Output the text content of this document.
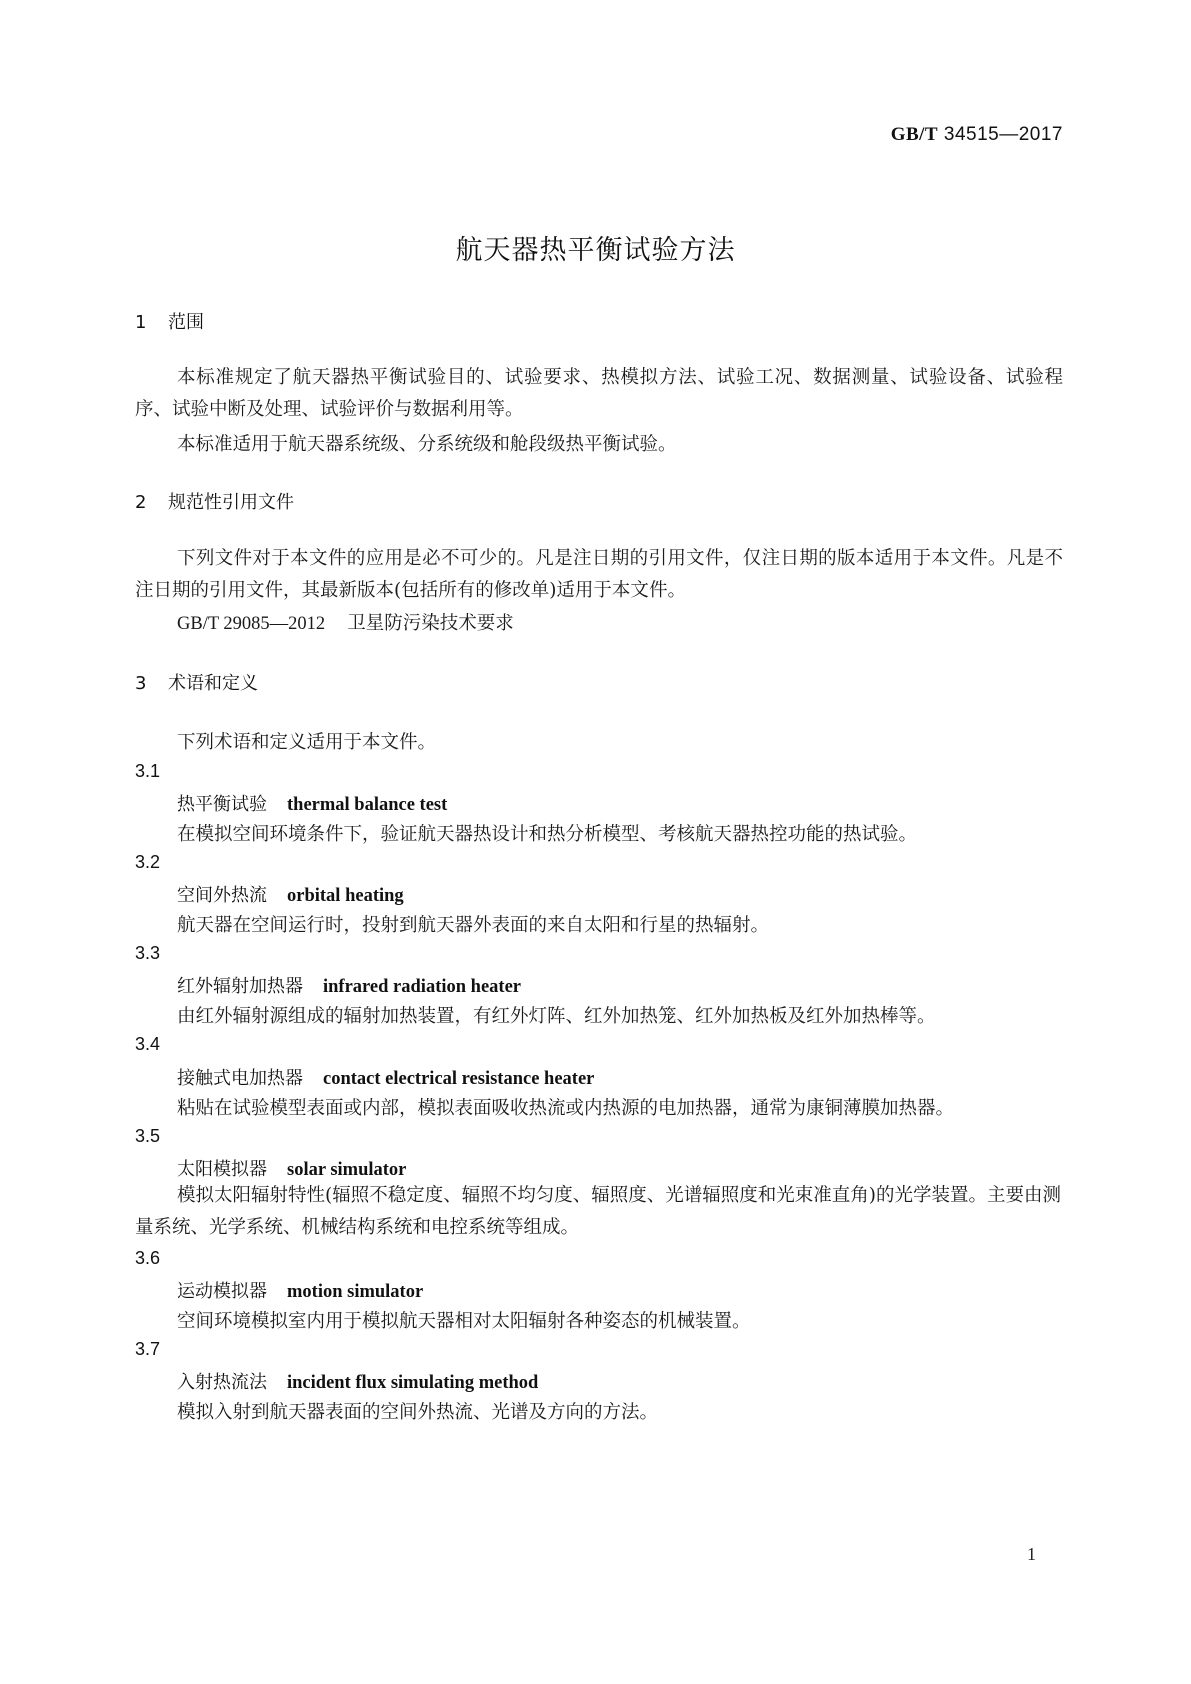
GB/T 34515—2017
航天器热平衡试验方法
1 范围
本标准规定了航天器热平衡试验目的、试验要求、热模拟方法、试验工况、数据测量、试验设备、试验程序、试验中断及处理、试验评价与数据利用等。
本标准适用于航天器系统级、分系统级和舱段级热平衡试验。
2 规范性引用文件
下列文件对于本文件的应用是必不可少的。凡是注日期的引用文件，仅注日期的版本适用于本文件。凡是不注日期的引用文件，其最新版本(包括所有的修改单)适用于本文件。
GB/T 29085—2012 卫星防污染技术要求
3 术语和定义
下列术语和定义适用于本文件。
3.1
热平衡试验 thermal balance test
在模拟空间环境条件下，验证航天器热设计和热分析模型、考核航天器热控功能的热试验。
3.2
空间外热流 orbital heating
航天器在空间运行时，投射到航天器外表面的来自太阳和行星的热辐射。
3.3
红外辐射加热器 infrared radiation heater
由红外辐射源组成的辐射加热装置，有红外灯阵、红外加热笼、红外加热板及红外加热棒等。
3.4
接触式电加热器 contact electrical resistance heater
粘贴在试验模型表面或内部，模拟表面吸收热流或内热源的电加热器，通常为康铜薄膜加热器。
3.5
太阳模拟器 solar simulator
模拟太阳辐射特性(辐照不稳定度、辐照不均匀度、辐照度、光谱辐照度和光束准直角)的光学装置。主要由测量系统、光学系统、机械结构系统和电控系统等组成。
3.6
运动模拟器 motion simulator
空间环境模拟室内用于模拟航天器相对太阳辐射各种姿态的机械装置。
3.7
入射热流法 incident flux simulating method
模拟入射到航天器表面的空间外热流、光谱及方向的方法。
1
